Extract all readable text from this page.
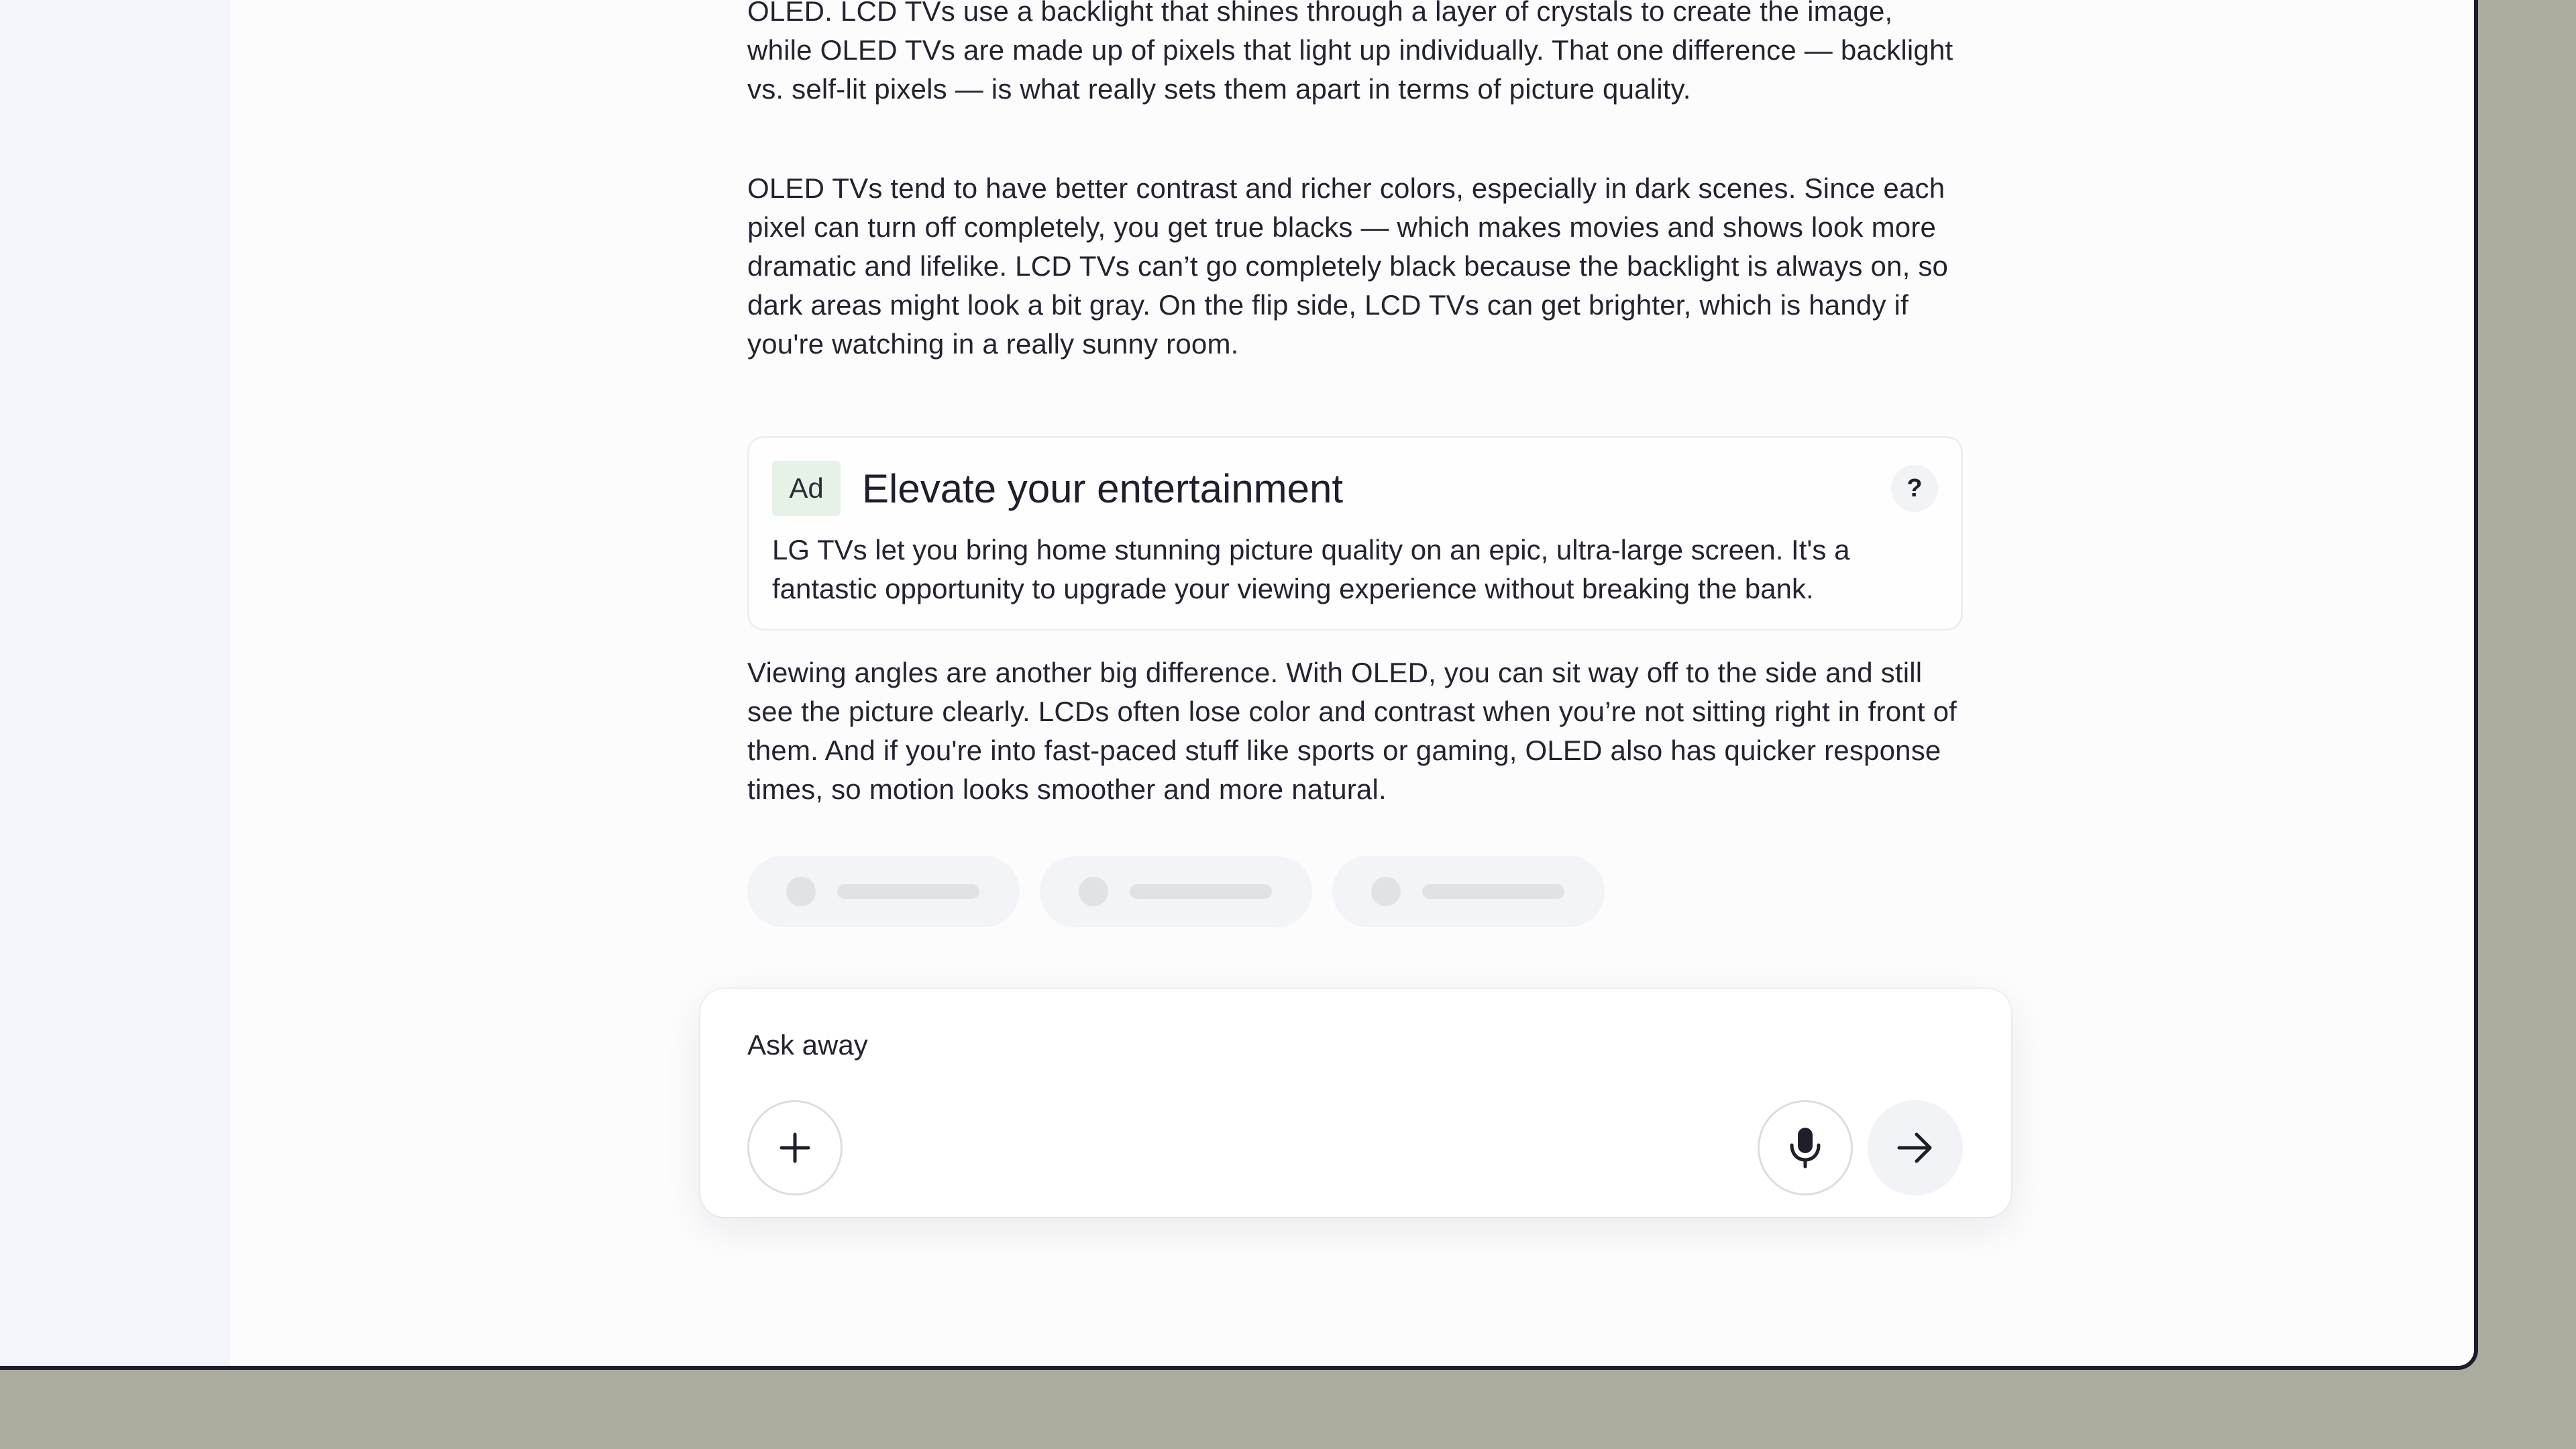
OLED. LCD TVs use a backlight that shines through a layer of crystals to create the image, while OLED TVs are made up of pixels that light up individually. That one difference — backlight vs. self-lit pixels — is what really sets them apart in terms of picture quality.

OLED TVs tend to have better contrast and richer colors, especially in dark scenes. Since each pixel can turn off completely, you get true blacks — which makes movies and shows look more dramatic and lifelike. LCD TVs can’t go completely black because the backlight is always on, so dark areas might look a bit gray. On the flip side, LCD TVs can get brighter, which is handy if you're watching in a really sunny room.

Ad Elevate your entertainment	?

LG TVs let you bring home stunning picture quality on an epic, ultra-large screen. It's a fantastic opportunity to upgrade your viewing experience without breaking the bank.

Viewing angles are another big difference. With OLED, you can sit way off to the side and still see the picture clearly. LCDs often lose color and contrast when you’re not sitting right in front of them. And if you're into fast-paced stuff like sports or gaming, OLED also has quicker response times, so motion looks smoother and more natural.

Ask away
